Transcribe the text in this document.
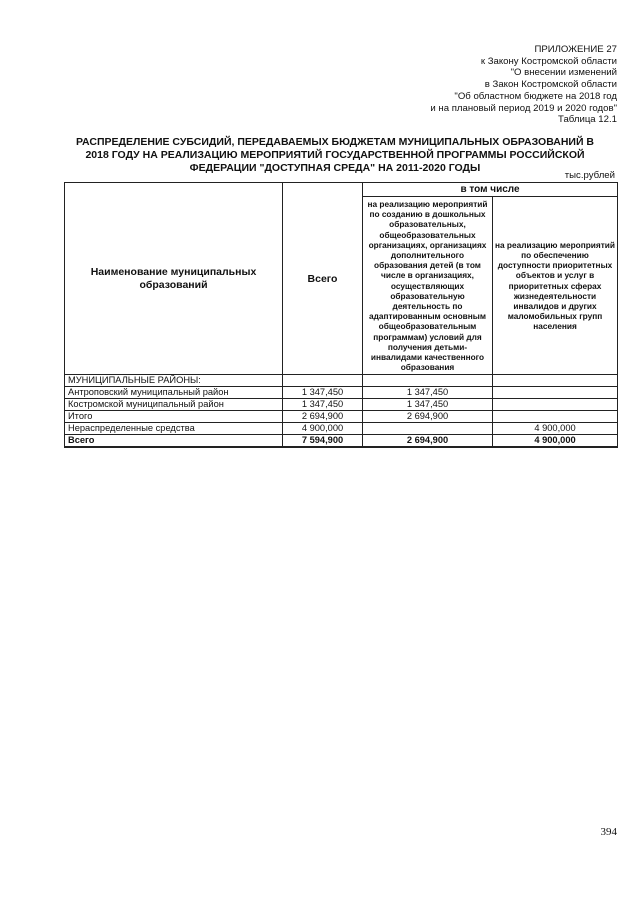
ПРИЛОЖЕНИЕ 27
к Закону Костромской области
"О внесении изменений
в Закон Костромской области
"Об областном бюджете на 2018 год
и на плановый период 2019 и 2020 годов"
Таблица 12.1
РАСПРЕДЕЛЕНИЕ СУБСИДИЙ, ПЕРЕДАВАЕМЫХ БЮДЖЕТАМ МУНИЦИПАЛЬНЫХ ОБРАЗОВАНИЙ В
2018 ГОДУ НА РЕАЛИЗАЦИЮ МЕРОПРИЯТИЙ ГОСУДАРСТВЕННОЙ ПРОГРАММЫ РОССИЙСКОЙ
ФЕДЕРАЦИИ "ДОСТУПНАЯ СРЕДА" НА 2011-2020 ГОДЫ
тыс.рублей
Наименование муниципальных образований	Всего	в том числе	
		на реализацию мероприятий по созданию в дошкольных образовательных, общеобразовательных организациях, организациях дополнительного образования детей (в том числе в организациях, осуществляющих образовательную деятельность по адаптированным основным общеобразовательным программам) условий для получения детьми-инвалидами качественного образования	на реализацию мероприятий по обеспечению доступности приоритетных объектов и услуг в приоритетных сферах жизнедеятельности инвалидов и других маломобильных групп населения
МУНИЦИПАЛЬНЫЕ РАЙОНЫ:			
Антроповский муниципальный район	1 347,450	1 347,450	
Костромской муниципальный район	1 347,450	1 347,450	
Итого	2 694,900	2 694,900	
Нераспределенные средства	4 900,000		4 900,000
Всего	7 594,900	2 694,900	4 900,000
394
